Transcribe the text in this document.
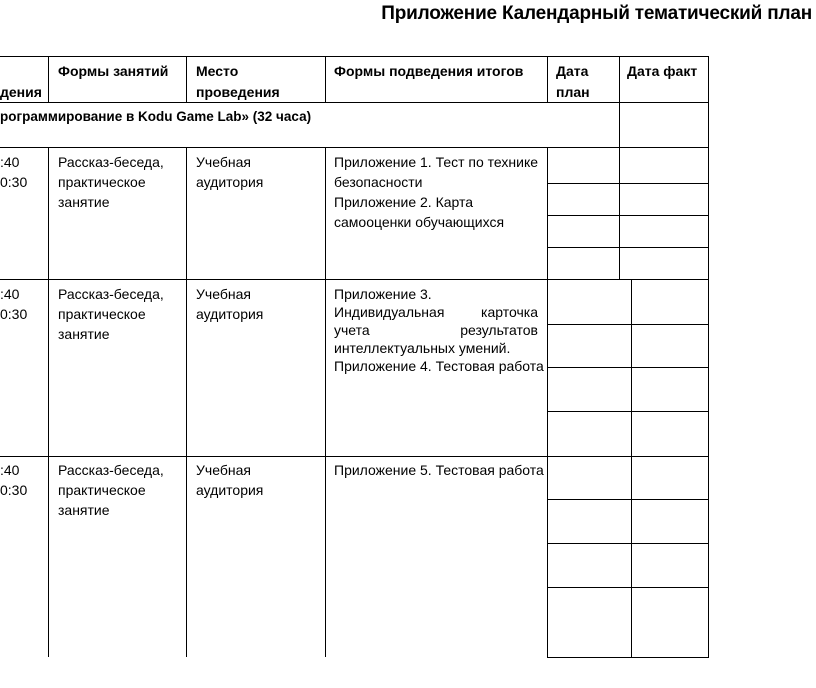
Приложение Календарный тематический план
дения
Формы занятий Место
проведения
Формы подведения итогов Дата
план
Дата факт
рограммирование в Kodu Game Lab» (32 часа)
:40
0:30
Рассказ-беседа,
практическое
занятие
Учебная
аудитория
Приложение 1. Тест по технике
безопасности
Приложение 2. Карта
самооценки обучающихся
:40
0:30
Рассказ-беседа,
практическое
занятие
Учебная
аудитория
Приложение 3.
Индивидуальная	карточка
учета	результатов
интеллектуальных умений.
Приложение 4. Тестовая работа
:40
0:30
Рассказ-беседа,
практическое
занятие
Учебная
аудитория
Приложение 5. Тестовая работа
